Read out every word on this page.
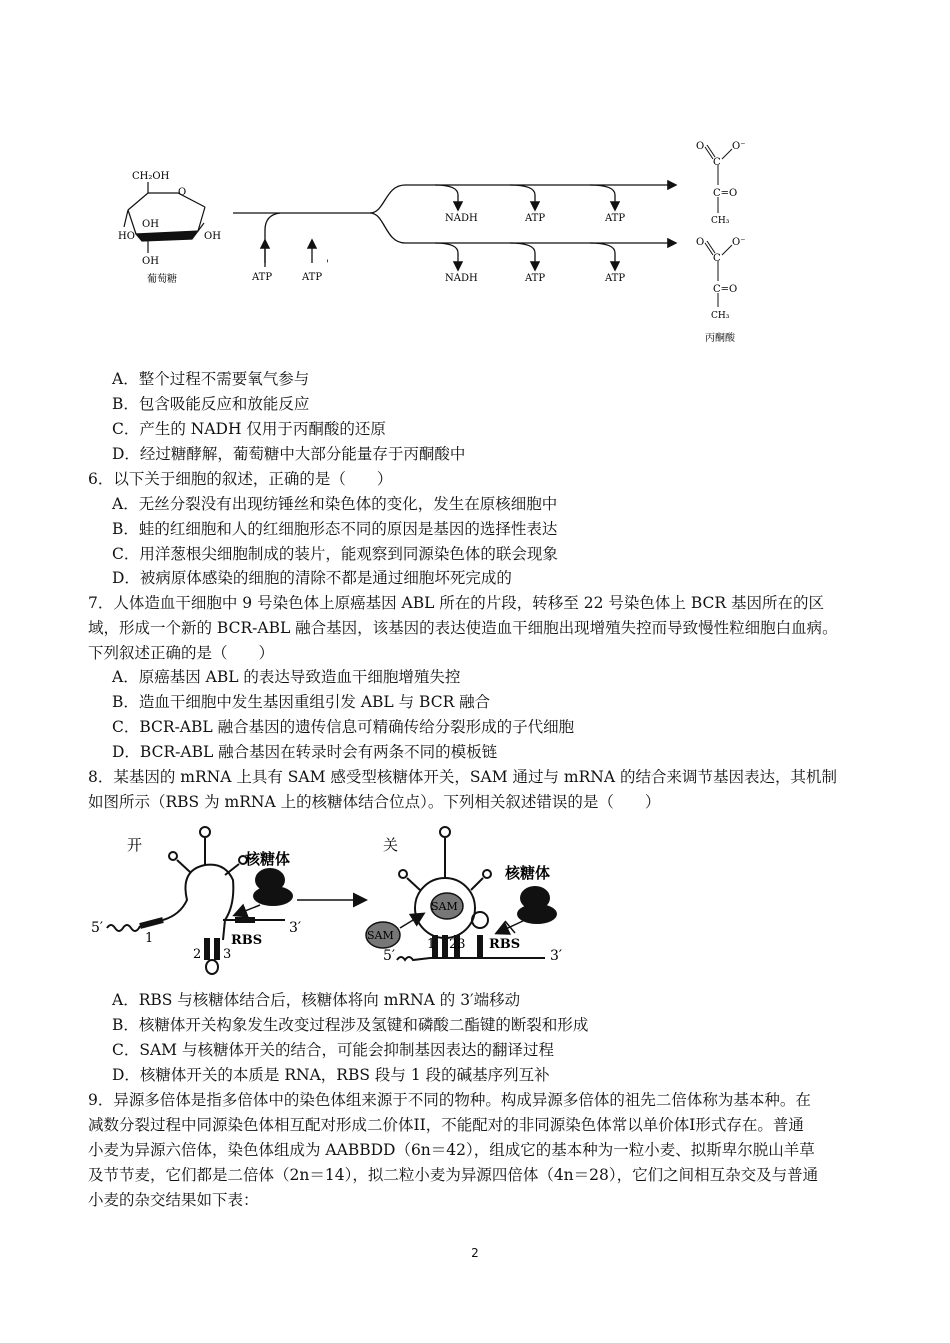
CH₂OH
O
OH
HO	OH
OH
葡萄糖	ATP	ATP
'
NADH	ATP	ATP
NADH	ATP	ATP
O	O⁻
C
C=O
CH₃
O	O⁻
C
C=O
CH₃
丙酮酸
A．整个过程不需要氧气参与
B．包含吸能反应和放能反应
C．产生的 NADH 仅用于丙酮酸的还原
D．经过糖酵解，葡萄糖中大部分能量存于丙酮酸中
6．以下关于细胞的叙述，正确的是（　　）
A．无丝分裂没有出现纺锤丝和染色体的变化，发生在原核细胞中
B．蛙的红细胞和人的红细胞形态不同的原因是基因的选择性表达
C．用洋葱根尖细胞制成的装片，能观察到同源染色体的联会现象
D．被病原体感染的细胞的清除不都是通过细胞坏死完成的
7．人体造血干细胞中 9 号染色体上原癌基因 ABL 所在的片段，转移至 22 号染色体上 BCR 基因所在的区
域，形成一个新的 BCR-ABL 融合基因，该基因的表达使造血干细胞出现增殖失控而导致慢性粒细胞白血病。
下列叙述正确的是（　　）
A．原癌基因 ABL 的表达导致造血干细胞增殖失控
B．造血干细胞中发生基因重组引发 ABL 与 BCR 融合
C．BCR-ABL 融合基因的遗传信息可精确传给分裂形成的子代细胞
D．BCR-ABL 融合基因在转录时会有两条不同的模板链
8．某基因的 mRNA 上具有 SAM 感受型核糖体开关，SAM 通过与 mRNA 的结合来调节基因表达，其机制
如图所示（RBS 为 mRNA 上的核糖体结合位点）。下列相关叙述错误的是（　　）
开	关
5′	3′
1
2 3
RBS
核糖体
SAM
SAM
5′	3′
1 23 RBS
核糖体
A．RBS 与核糖体结合后，核糖体将向 mRNA 的 3′端移动
B．核糖体开关构象发生改变过程涉及氢键和磷酸二酯键的断裂和形成
C．SAM 与核糖体开关的结合，可能会抑制基因表达的翻译过程
D．核糖体开关的本质是 RNA，RBS 段与 1 段的碱基序列互补
9．异源多倍体是指多倍体中的染色体组来源于不同的物种。构成异源多倍体的祖先二倍体称为基本种。在
减数分裂过程中同源染色体相互配对形成二价体II，不能配对的非同源染色体常以单价体I形式存在。普通
小麦为异源六倍体，染色体组成为 AABBDD（6n＝42），组成它的基本种为一粒小麦、拟斯卑尔脱山羊草
及节节麦，它们都是二倍体（2n＝14），拟二粒小麦为异源四倍体（4n＝28），它们之间相互杂交及与普通
小麦的杂交结果如下表：
2
